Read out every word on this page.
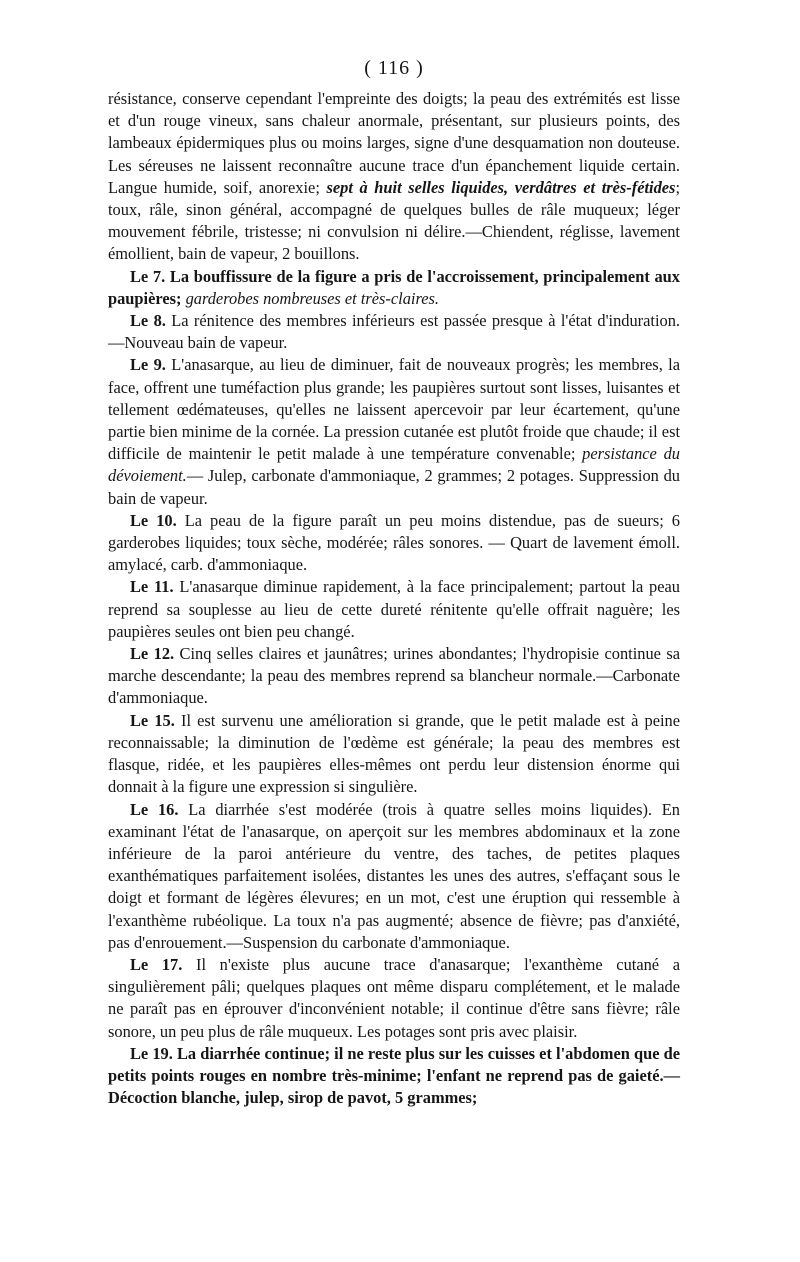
( 116 )

résistance, conserve cependant l'empreinte des doigts; la peau des extrémités est lisse et d'un rouge vineux, sans chaleur anormale, présentant, sur plusieurs points, des lambeaux épidermiques plus ou moins larges, signe d'une desquamation non douteuse. Les séreuses ne laissent reconnaître aucune trace d'un épanchement liquide certain. Langue humide, soif, anorexie; sept à huit selles liquides, verdâtres et très-fétides; toux, râle, sinon général, accompagné de quelques bulles de râle muqueux; léger mouvement fébrile, tristesse; ni convulsion ni délire.—Chiendent, réglisse, lavement émollient, bain de vapeur, 2 bouillons.

Le 7. La bouffissure de la figure a pris de l'accroissement, principalement aux paupières; garderobes nombreuses et très-claires.

Le 8. La rénitence des membres inférieurs est passée presque à l'état d'induration.—Nouveau bain de vapeur.

Le 9. L'anasarque, au lieu de diminuer, fait de nouveaux progrès; les membres, la face, offrent une tuméfaction plus grande; les paupières surtout sont lisses, luisantes et tellement œdémateuses, qu'elles ne laissent apercevoir par leur écartement, qu'une partie bien minime de la cornée. La pression cutanée est plutôt froide que chaude; il est difficile de maintenir le petit malade à une température convenable; persistance du dévoiement.— Julep, carbonate d'ammoniaque, 2 grammes; 2 potages. Suppression du bain de vapeur.

Le 10. La peau de la figure paraît un peu moins distendue, pas de sueurs; 6 garderobes liquides; toux sèche, modérée; râles sonores. — Quart de lavement émoll. amylacé, carb. d'ammoniaque.

Le 11. L'anasarque diminue rapidement, à la face principalement; partout la peau reprend sa souplesse au lieu de cette dureté rénitente qu'elle offrait naguère; les paupières seules ont bien peu changé.

Le 12. Cinq selles claires et jaunâtres; urines abondantes; l'hydropisie continue sa marche descendante; la peau des membres reprend sa blancheur normale.—Carbonate d'ammoniaque.

Le 15. Il est survenu une amélioration si grande, que le petit malade est à peine reconnaissable; la diminution de l'œdème est générale; la peau des membres est flasque, ridée, et les paupières elles-mêmes ont perdu leur distension énorme qui donnait à la figure une expression si singulière.

Le 16. La diarrhée s'est modérée (trois à quatre selles moins liquides). En examinant l'état de l'anasarque, on aperçoit sur les membres abdominaux et la zone inférieure de la paroi antérieure du ventre, des taches, de petites plaques exanthématiques parfaitement isolées, distantes les unes des autres, s'effaçant sous le doigt et formant de légères élevures; en un mot, c'est une éruption qui ressemble à l'exanthème rubéolique. La toux n'a pas augmenté; absence de fièvre; pas d'anxiété, pas d'enrouement.—Suspension du carbonate d'ammoniaque.

Le 17. Il n'existe plus aucune trace d'anasarque; l'exanthème cutané a singulièrement pâli; quelques plaques ont même disparu complétement, et le malade ne paraît pas en éprouver d'inconvénient notable; il continue d'être sans fièvre; râle sonore, un peu plus de râle muqueux. Les potages sont pris avec plaisir.

Le 19. La diarrhée continue; il ne reste plus sur les cuisses et l'abdomen que de petits points rouges en nombre très-minime; l'enfant ne reprend pas de gaieté.—Décoction blanche, julep, sirop de pavot, 5 grammes;
